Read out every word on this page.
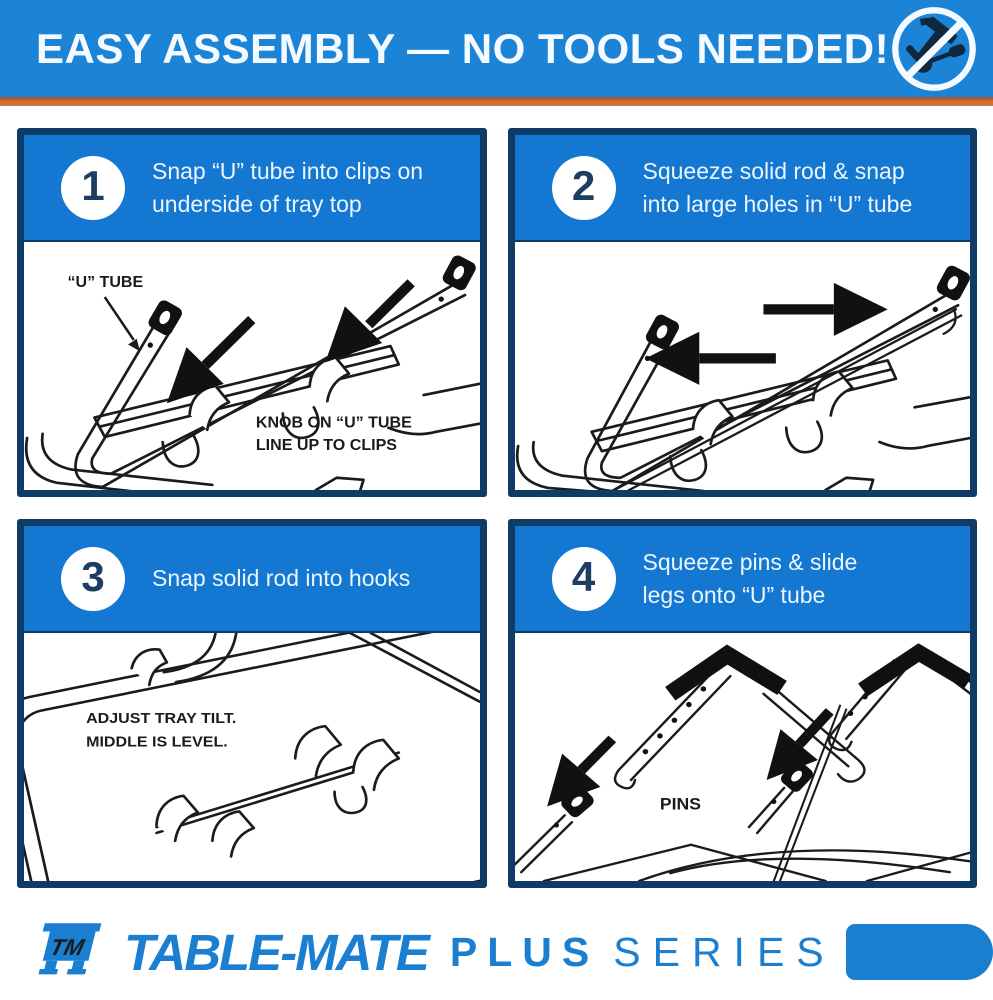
EASY ASSEMBLY — NO TOOLS NEEDED!
1	Snap “U” tube into clips on underside of tray top

“U” TUBE
KNOB ON “U” TUBE
LINE UP TO CLIPS
2	Squeeze solid rod & snap into large holes in “U” tube

3	Snap solid rod into hooks

ADJUST TRAY TILT.
MIDDLE IS LEVEL.
4	Squeeze pins & slide legs onto “U” tube

PINS
TM TABLE-MATE PLUS SERIES
